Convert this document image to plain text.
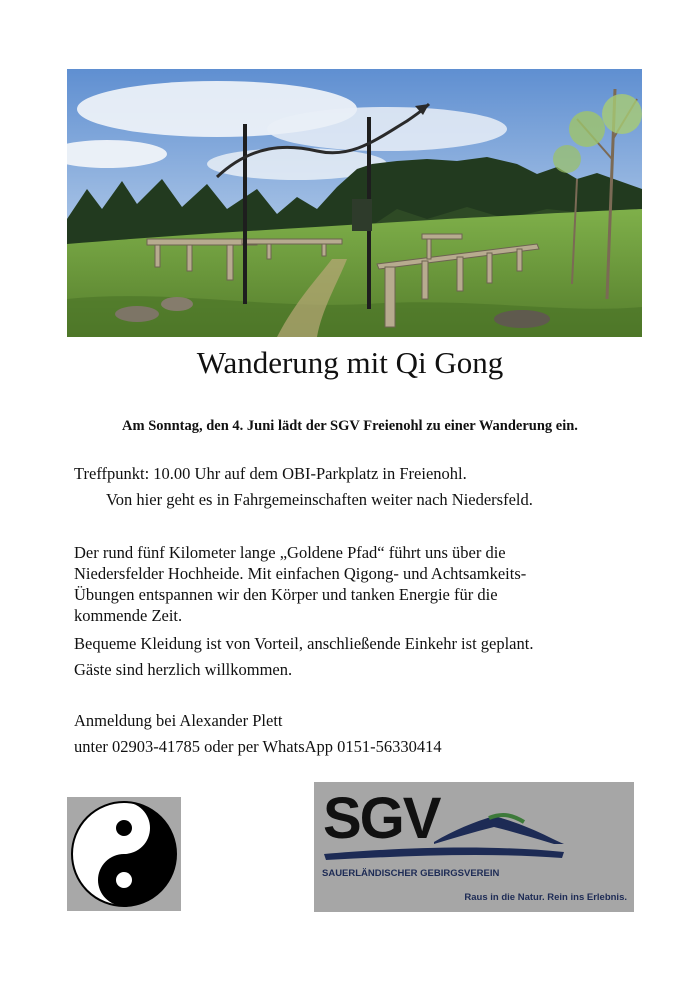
Wanderung mit Qi Gong

Am Sonntag, den 4. Juni lädt der SGV Freienohl zu einer Wanderung ein.

Treffpunkt: 10.00 Uhr auf dem OBI-Parkplatz in Freienohl.

Von hier geht es in Fahrgemeinschaften weiter nach Niedersfeld.

Der rund fünf Kilometer lange „Goldene Pfad“ führt uns über die

Niedersfelder Hochheide. Mit einfachen Qigong- und Achtsamkeits-

Übungen entspannen wir den Körper und tanken Energie für die

kommende Zeit.

Bequeme Kleidung ist von Vorteil, anschließende Einkehr ist geplant.

Gäste sind herzlich willkommen.

Anmeldung bei Alexander Plett

unter 02903-41785 oder per WhatsApp 0151-56330414

SGV
SAUERLÄNDISCHER GEBIRGSVEREIN
Raus in die Natur. Rein ins Erlebnis.
